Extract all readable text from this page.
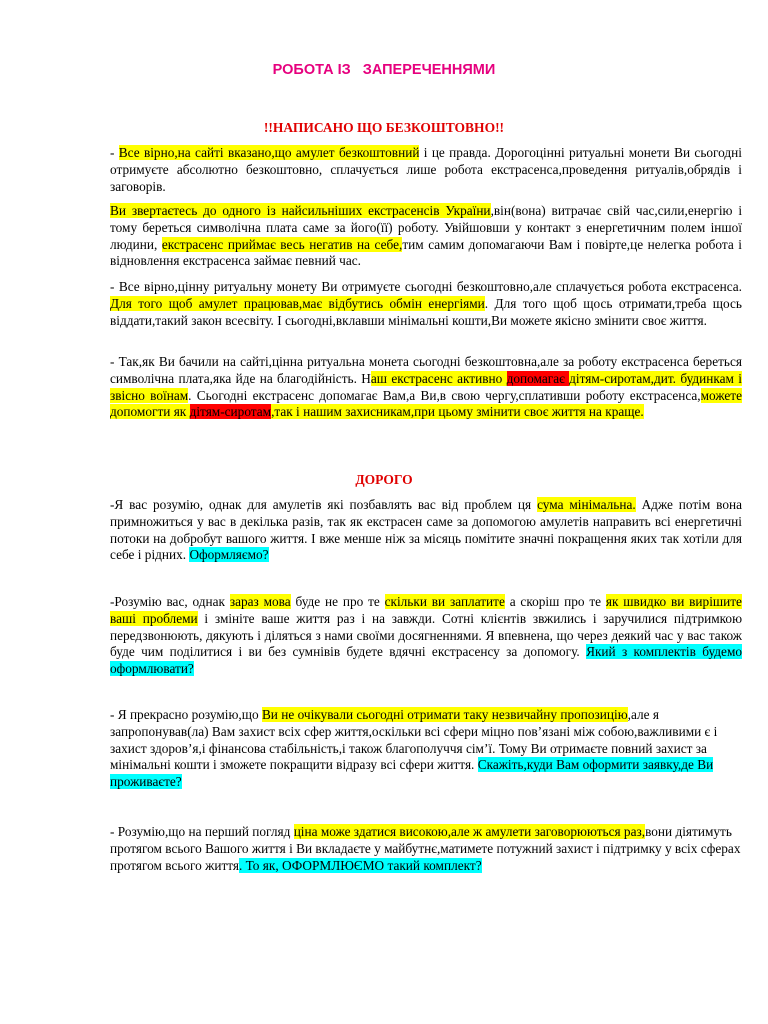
РОБОТА ІЗ   ЗАПЕРЕЧЕННЯМИ
!!НАПИСАНО ЩО БЕЗКОШТОВНО!!
- Все вірно,на сайті вказано,що амулет безкоштовний і це правда. Дорогоцінні ритуальні монети Ви сьогодні отримуєте абсолютно безкоштовно, сплачується лише робота екстрасенса,проведення ритуалів,обрядів і заговорів.
Ви звертаєтесь до одного із найсильніших екстрасенсів України,він(вона) витрачає свій час,сили,енергію і тому береться символічна плата саме за його(її) роботу. Увійшовши у контакт з енергетичним полем іншої людини, екстрасенс приймає весь негатив на себе,тим самим допомагаючи Вам і повірте,це нелегка робота і відновлення екстрасенса займає певний час.
- Все вірно,цінну ритуальну монету Ви отримуєте сьогодні безкоштовно,але сплачується робота екстрасенса. Для того щоб амулет працював,має відбутись обмін енергіями. Для того щоб щось отримати,треба щось віддати,такий закон всесвіту. І сьогодні,вклавши мінімальні кошти,Ви можете якісно змінити своє життя.
- Так,як Ви бачили на сайті,цінна ритуальна монета сьогодні безкоштовна,але за роботу екстрасенса береться символічна плата,яка йде на благодійність. Наш екстрасенс активно допомагає дітям-сиротам,дит. будинкам і звісно воїнам. Сьогодні екстрасенс допомагає Вам,а Ви,в свою чергу,сплативши роботу екстрасенса,можете допомогти як дітям-сиротам,так і нашим захисникам,при цьому змінити своє життя на краще.
ДОРОГО
-Я вас розумію, однак для амулетів які позбавлять вас від проблем ця сума мінімальна. Адже потім вона примножиться у вас в декілька разів, так як екстрасен саме за допомогою амулетів направить всі енергетичні потоки на добробут вашого життя. І вже менше ніж за місяць помітите значні покращення яких так хотіли для себе і рідних. Оформляємо?
-Розумію вас, однак зараз мова буде не про те скільки ви заплатите а скоріш про те як швидко ви вирішите ваші проблеми і змініте ваше життя раз і на завжди. Сотні клієнтів звжились і заручилися підтримкою передзвонюють, дякують і діляться з нами своїми досягненнями. Я впевнена, що через деякий час у вас також буде чим поділитися і ви без сумнівів будете вдячні екстрасенсу за допомогу. Який з комплектів будемо оформлювати?
- Я прекрасно розумію,що Ви не очікували сьогодні отримати таку незвичайну пропозицію,але я запропонував(ла) Вам захист всіх сфер життя,оскільки всі сфери міцно пов’язані між собою,важливими є і захист здоров’я,і фінансова стабільність,і також благополуччя сім’ї. Тому Ви отримаєте повний захист за мінімальні кошти і зможете покращити відразу всі сфери життя. Скажіть,куди Вам оформити заявку,де Ви проживаєте?
- Розумію,що на перший погляд ціна може здатися високою,але ж амулети заговорюються раз,вони діятимуть протягом всього Вашого життя і Ви вкладаєте у майбутнє,матимете потужний захист і підтримку у всіх сферах протягом всього життя. То як, ОФОРМЛЮЄМО такий комплект?
